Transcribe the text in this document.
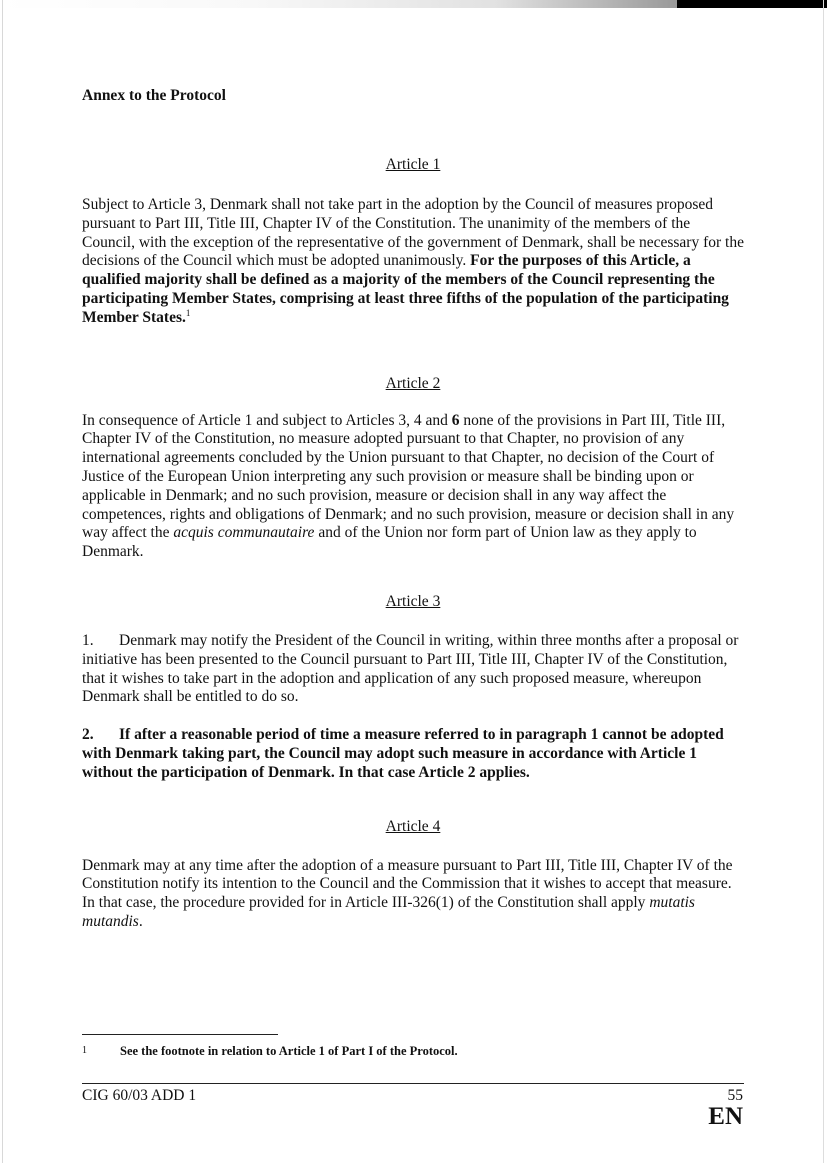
Annex to the Protocol

Article 1

Subject to Article 3, Denmark shall not take part in the adoption by the Council of measures proposed pursuant to Part III, Title III, Chapter IV of the Constitution. The unanimity of the members of the Council, with the exception of the representative of the government of Denmark, shall be necessary for the decisions of the Council which must be adopted unanimously. For the purposes of this Article, a qualified majority shall be defined as a majority of the members of the Council representing the participating Member States, comprising at least three fifths of the population of the participating Member States.$^1$

Article 2

In consequence of Article 1 and subject to Articles 3, 4 and 6 none of the provisions in Part III, Title III, Chapter IV of the Constitution, no measure adopted pursuant to that Chapter, no provision of any international agreements concluded by the Union pursuant to that Chapter, no decision of the Court of Justice of the European Union interpreting any such provision or measure shall be binding upon or applicable in Denmark; and no such provision, measure or decision shall in any way affect the competences, rights and obligations of Denmark; and no such provision, measure or decision shall in any way affect the acquis communautaire and of the Union nor form part of Union law as they apply to Denmark.

Article 3

1. Denmark may notify the President of the Council in writing, within three months after a proposal or initiative has been presented to the Council pursuant to Part III, Title III, Chapter IV of the Constitution, that it wishes to take part in the adoption and application of any such proposed measure, whereupon Denmark shall be entitled to do so.

2. If after a reasonable period of time a measure referred to in paragraph 1 cannot be adopted with Denmark taking part, the Council may adopt such measure in accordance with Article 1 without the participation of Denmark. In that case Article 2 applies.

Article 4

Denmark may at any time after the adoption of a measure pursuant to Part III, Title III, Chapter IV of the Constitution notify its intention to the Council and the Commission that it wishes to accept that measure. In that case, the procedure provided for in Article III-326(1) of the Constitution shall apply mutatis mutandis.

1	See the footnote in relation to Article 1 of Part I of the Protocol.
CIG 60/03 ADD 1	55
EN
